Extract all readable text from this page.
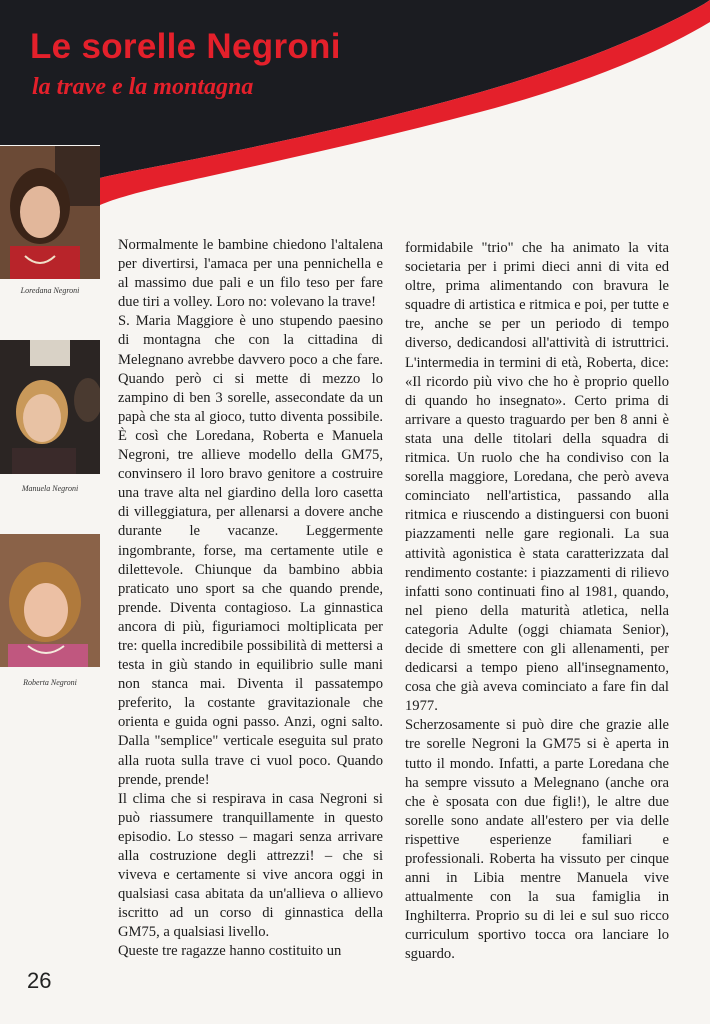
Le sorelle Negroni
la trave e la montagna
Loredana Negroni
Manuela Negroni
Roberta Negroni

Normalmente le bambine chiedono l'altalena per divertirsi, l'amaca per una pennichella e al massimo due pali e un filo teso per fare due tiri a volley. Loro no: volevano la trave!

S. Maria Maggiore è uno stupendo paesino di montagna che con la cittadina di Melegnano avrebbe davvero poco a che fare. Quando però ci si mette di mezzo lo zampino di ben 3 sorelle, assecondate da un papà che sta al gioco, tutto diventa possibile. È così che Loredana, Roberta e Manuela Negroni, tre allieve modello della GM75, convinsero il loro bravo genitore a costruire una trave alta nel giardino della loro casetta di villeggiatura, per allenarsi a dovere anche durante le vacanze. Leggermente ingombrante, forse, ma certamente utile e dilettevole. Chiunque da bambino abbia praticato uno sport sa che quando prende, prende. Diventa contagioso. La ginnastica ancora di più, figuriamoci moltiplicata per tre: quella incredibile possibilità di mettersi a testa in giù stando in equilibrio sulle mani non stanca mai. Diventa il passatempo preferito, la costante gravitazionale che orienta e guida ogni passo. Anzi, ogni salto. Dalla "semplice" verticale eseguita sul prato alla ruota sulla trave ci vuol poco. Quando prende, prende!

Il clima che si respirava in casa Negroni si può riassumere tranquillamente in questo episodio. Lo stesso – magari senza arrivare alla costruzione degli attrezzi! – che si viveva e certamente si vive ancora oggi in qualsiasi casa abitata da un'allieva o allievo iscritto ad un corso di ginnastica della GM75, a qualsiasi livello.

Queste tre ragazze hanno costituito un

formidabile "trio" che ha animato la vita societaria per i primi dieci anni di vita ed oltre, prima alimentando con bravura le squadre di artistica e ritmica e poi, per tutte e tre, anche se per un periodo di tempo diverso, dedicandosi all'attività di istruttrici. L'intermedia in termini di età, Roberta, dice: «Il ricordo più vivo che ho è proprio quello di quando ho insegnato». Certo prima di arrivare a questo traguardo per ben 8 anni è stata una delle titolari della squadra di ritmica. Un ruolo che ha condiviso con la sorella maggiore, Loredana, che però aveva cominciato nell'artistica, passando alla ritmica e riuscendo a distinguersi con buoni piazzamenti nelle gare regionali. La sua attività agonistica è stata caratterizzata dal rendimento costante: i piazzamenti di rilievo infatti sono continuati fino al 1981, quando, nel pieno della maturità atletica, nella categoria Adulte (oggi chiamata Senior), decide di smettere con gli allenamenti, per dedicarsi a tempo pieno all'insegnamento, cosa che già aveva cominciato a fare fin dal 1977.

Scherzosamente si può dire che grazie alle tre sorelle Negroni la GM75 si è aperta in tutto il mondo. Infatti, a parte Loredana che ha sempre vissuto a Melegnano (anche ora che è sposata con due figli!), le altre due sorelle sono andate all'estero per via delle rispettive esperienze familiari e professionali. Roberta ha vissuto per cinque anni in Libia mentre Manuela vive attualmente con la sua famiglia in Inghilterra. Proprio su di lei e sul suo ricco curriculum sportivo tocca ora lanciare lo sguardo.

26
